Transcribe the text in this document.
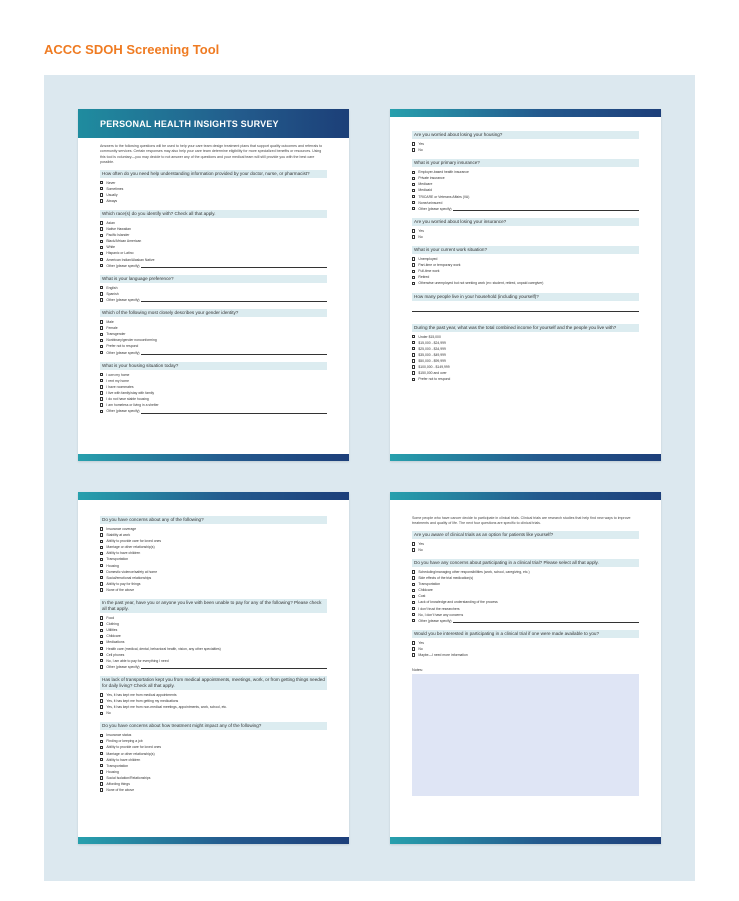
ACCC SDOH Screening Tool
PERSONAL HEALTH INSIGHTS SURVEY
Answers to the following questions will be used to help your care team design treatment plans that support quality outcomes and referrals to community services. Certain responses may also help your care team determine eligibility for more specialized benefits or resources. Using this tool is voluntary—you may decide to not answer any of the questions and your medical team will still provide you with the best care possible.
How often do you need help understanding information provided by your doctor, nurse, or pharmacist?
Never
Sometimes
Usually
Always
Which race(s) do you identify with? Check all that apply.
Asian
Native Hawaiian
Pacific Islander
Black/African American
White
Hispanic or Latino
American Indian/Alaskan Native
Other (please specify)
What is your language preference?
English
Spanish
Other (please specify)
Which of the following most closely describes your gender identity?
Male
Female
Transgender
Nonbinary/gender nonconforming
Prefer not to respond
Other (please specify)
What is your housing situation today?
I own my home
I rent my home
I have roommates
I live with family/stay with family
I do not have stable housing
I am homeless or living in a shelter
Other (please specify)
Are you worried about losing your housing?
Yes
No
What is your primary insurance?
Employer-based health insurance
Private insurance
Medicare
Medicaid
TRICARE or Veterans Affairs (VA)
None/uninsured
Other (please specify)
Are you worried about losing your insurance?
Yes
No
What is your current work situation?
Unemployed
Part-time or temporary work
Full-time work
Retired
Otherwise unemployed but not seeking work (ex: student, retired, unpaid caregiver)
How many people live in your household (including yourself)?
During the past year, what was the total combined income for yourself and the people you live with?
Under $15,000
$15,000 - $24,999
$25,000 - $34,999
$35,000 - $49,999
$50,000 - $99,999
$100,000 - $149,999
$150,000 and over
Prefer not to respond
Do you have concerns about any of the following?
Insurance coverage
Stability at work
Ability to provide care for loved ones
Marriage or other relationship(s)
Ability to have children
Transportation
Housing
Domestic violence/safety at home
Social/emotional relationships
Ability to pay for things
None of the above
In the past year, have you or anyone you live with been unable to pay for any of the following? Please check all that apply.
Food
Clothing
Utilities
Childcare
Medications
Health care (medical, dental, behavioral health, vision, any other specialties)
Cell phones
No, I am able to pay for everything I need
Other (please specify)
Has lack of transportation kept you from medical appointments, meetings, work, or from getting things needed for daily living? Check all that apply.
Yes, it has kept me from medical appointments
Yes, it has kept me from getting my medications
Yes, it has kept me from non-medical meetings, appointments, work, school, etc.
No
Do you have concerns about how treatment might impact any of the following?
Insurance status
Finding or keeping a job
Ability to provide care for loved ones
Marriage or other relationship(s)
Ability to have children
Transportation
Housing
Social Isolation/Relationships
Affording things
None of the above
Some people who have cancer decide to participate in clinical trials. Clinical trials are research studies that help find new ways to improve treatments and quality of life. The next four questions are specific to clinical trials.
Are you aware of clinical trials as an option for patients like yourself?
Yes
No
Do you have any concerns about participating in a clinical trial? Please select all that apply.
Scheduling/managing other responsibilities (work, school, caregiving, etc.)
Side effects of the trial medication(s)
Transportation
Childcare
Cost
Lack of knowledge and understanding of the process
I don't trust the researchers
No, I don't have any concerns
Other (please specify)
Would you be interested in participating in a clinical trial if one were made available to you?
Yes
No
Maybe—I need more information
Notes:
